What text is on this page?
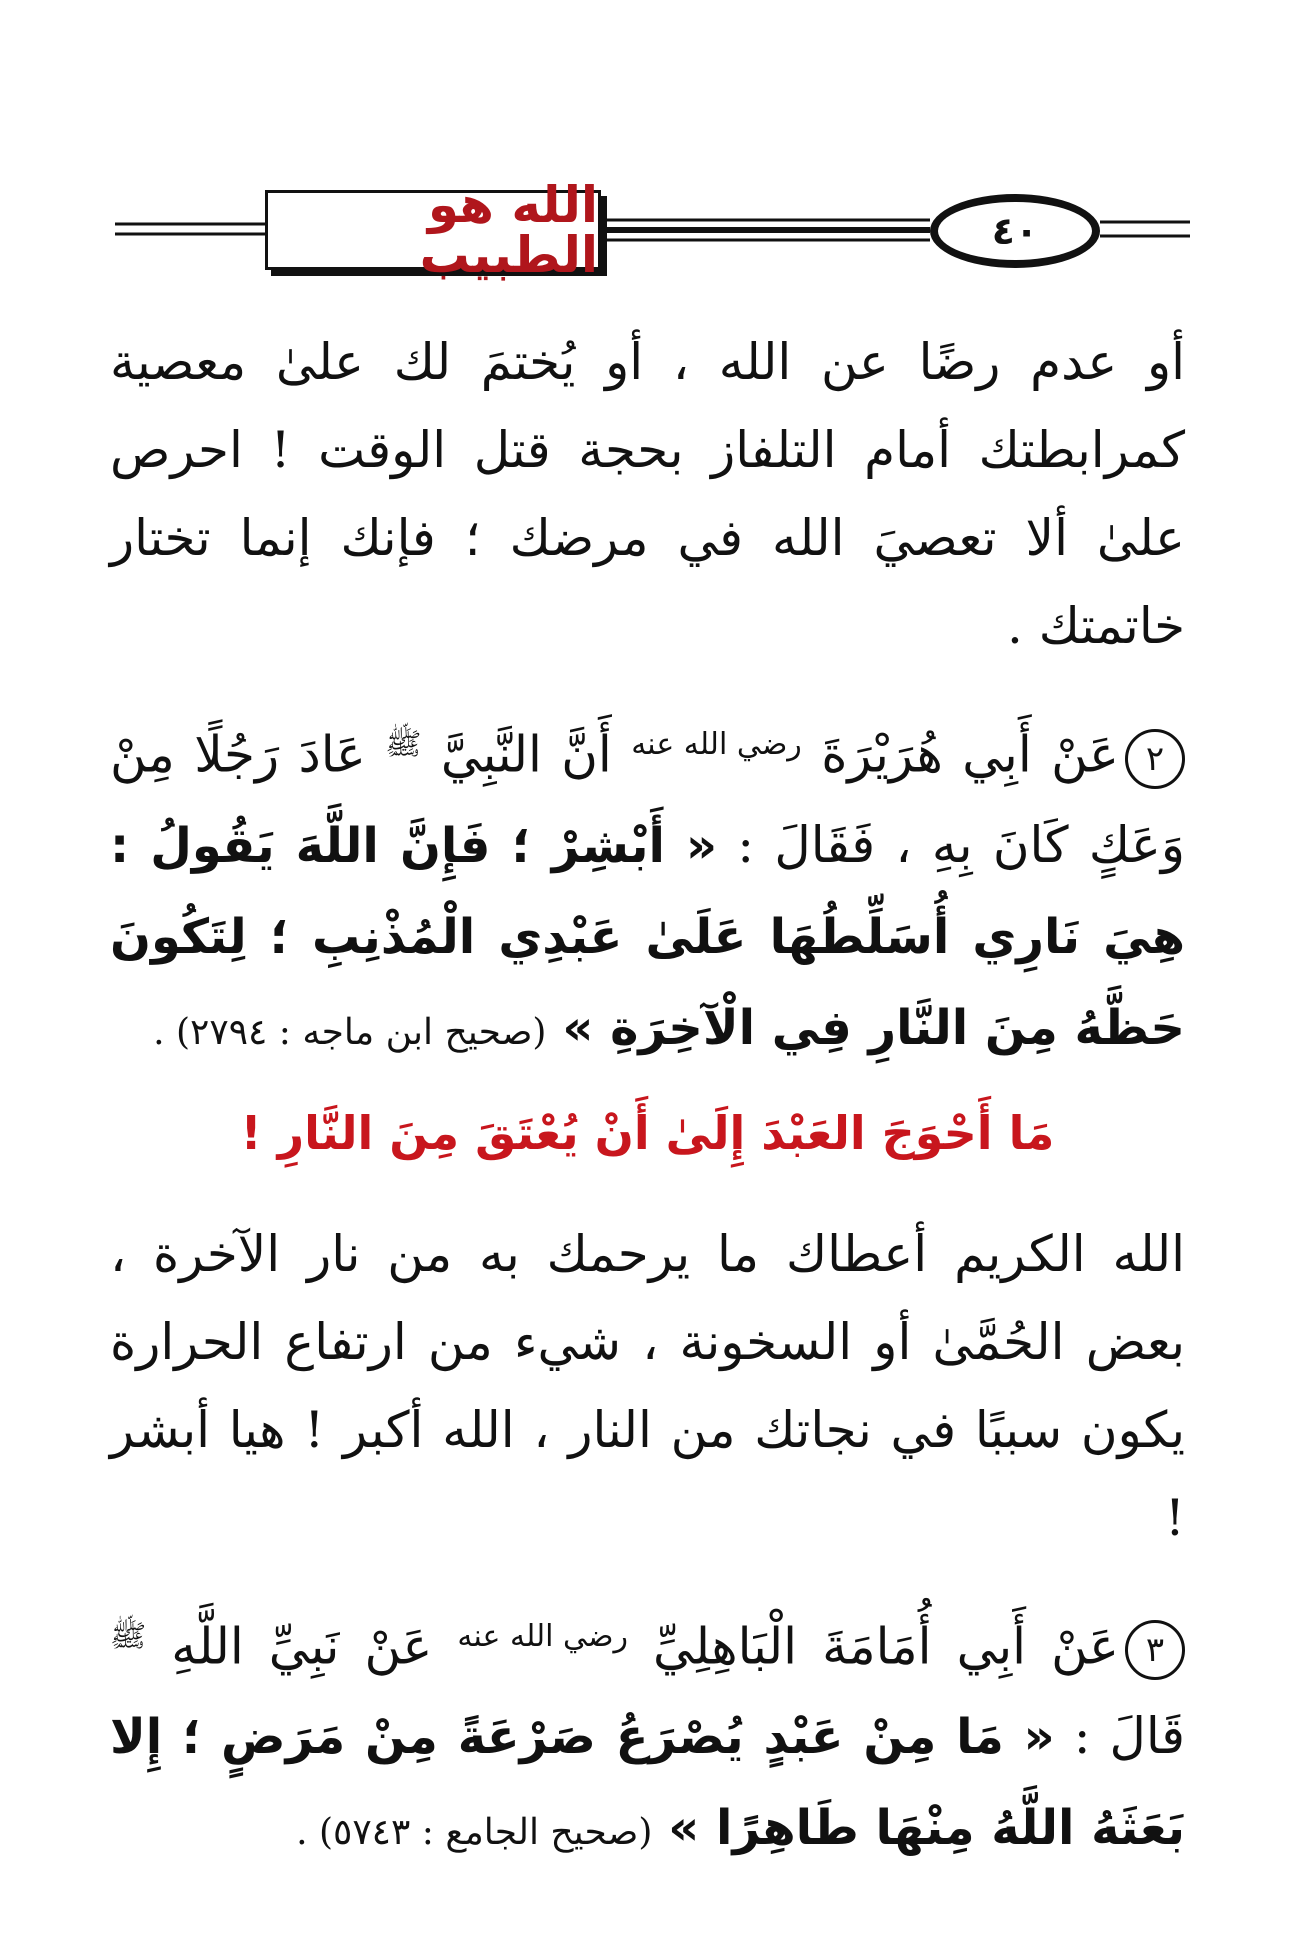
الله هو الطبيب	٤٠

أو عدم رضًا عن الله ، أو يُختمَ لك علىٰ معصية كمرابطتك أمام التلفاز بحجة قتل الوقت ! احرص علىٰ ألا تعصيَ الله في مرضك ؛ فإنك إنما تختار خاتمتك .

٢عَنْ أَبِي هُرَيْرَةَ رضي الله عنه أَنَّ النَّبِيَّ ﷺ عَادَ رَجُلًا مِنْ وَعَكٍ كَانَ بِهِ ، فَقَالَ : « أَبْشِرْ ؛ فَإِنَّ اللَّهَ يَقُولُ : هِيَ نَارِي أُسَلِّطُهَا عَلَىٰ عَبْدِي الْمُذْنِبِ ؛ لِتَكُونَ حَظَّهُ مِنَ النَّارِ فِي الْآخِرَةِ » (صحيح ابن ماجه : ٢٧٩٤) .

مَا أَحْوَجَ العَبْدَ إِلَىٰ أَنْ يُعْتَقَ مِنَ النَّارِ !

الله الكريم أعطاك ما يرحمك به من نار الآخرة ، بعض الحُمَّىٰ أو السخونة ، شيء من ارتفاع الحرارة يكون سببًا في نجاتك من النار ، الله أكبر ! هيا أبشر !

٣عَنْ أَبِي أُمَامَةَ الْبَاهِلِيِّ رضي الله عنه عَنْ نَبِيِّ اللَّهِ ﷺ قَالَ : « مَا مِنْ عَبْدٍ يُصْرَعُ صَرْعَةً مِنْ مَرَضٍ ؛ إِلا بَعَثَهُ اللَّهُ مِنْهَا طَاهِرًا » (صحيح الجامع : ٥٧٤٣) .
